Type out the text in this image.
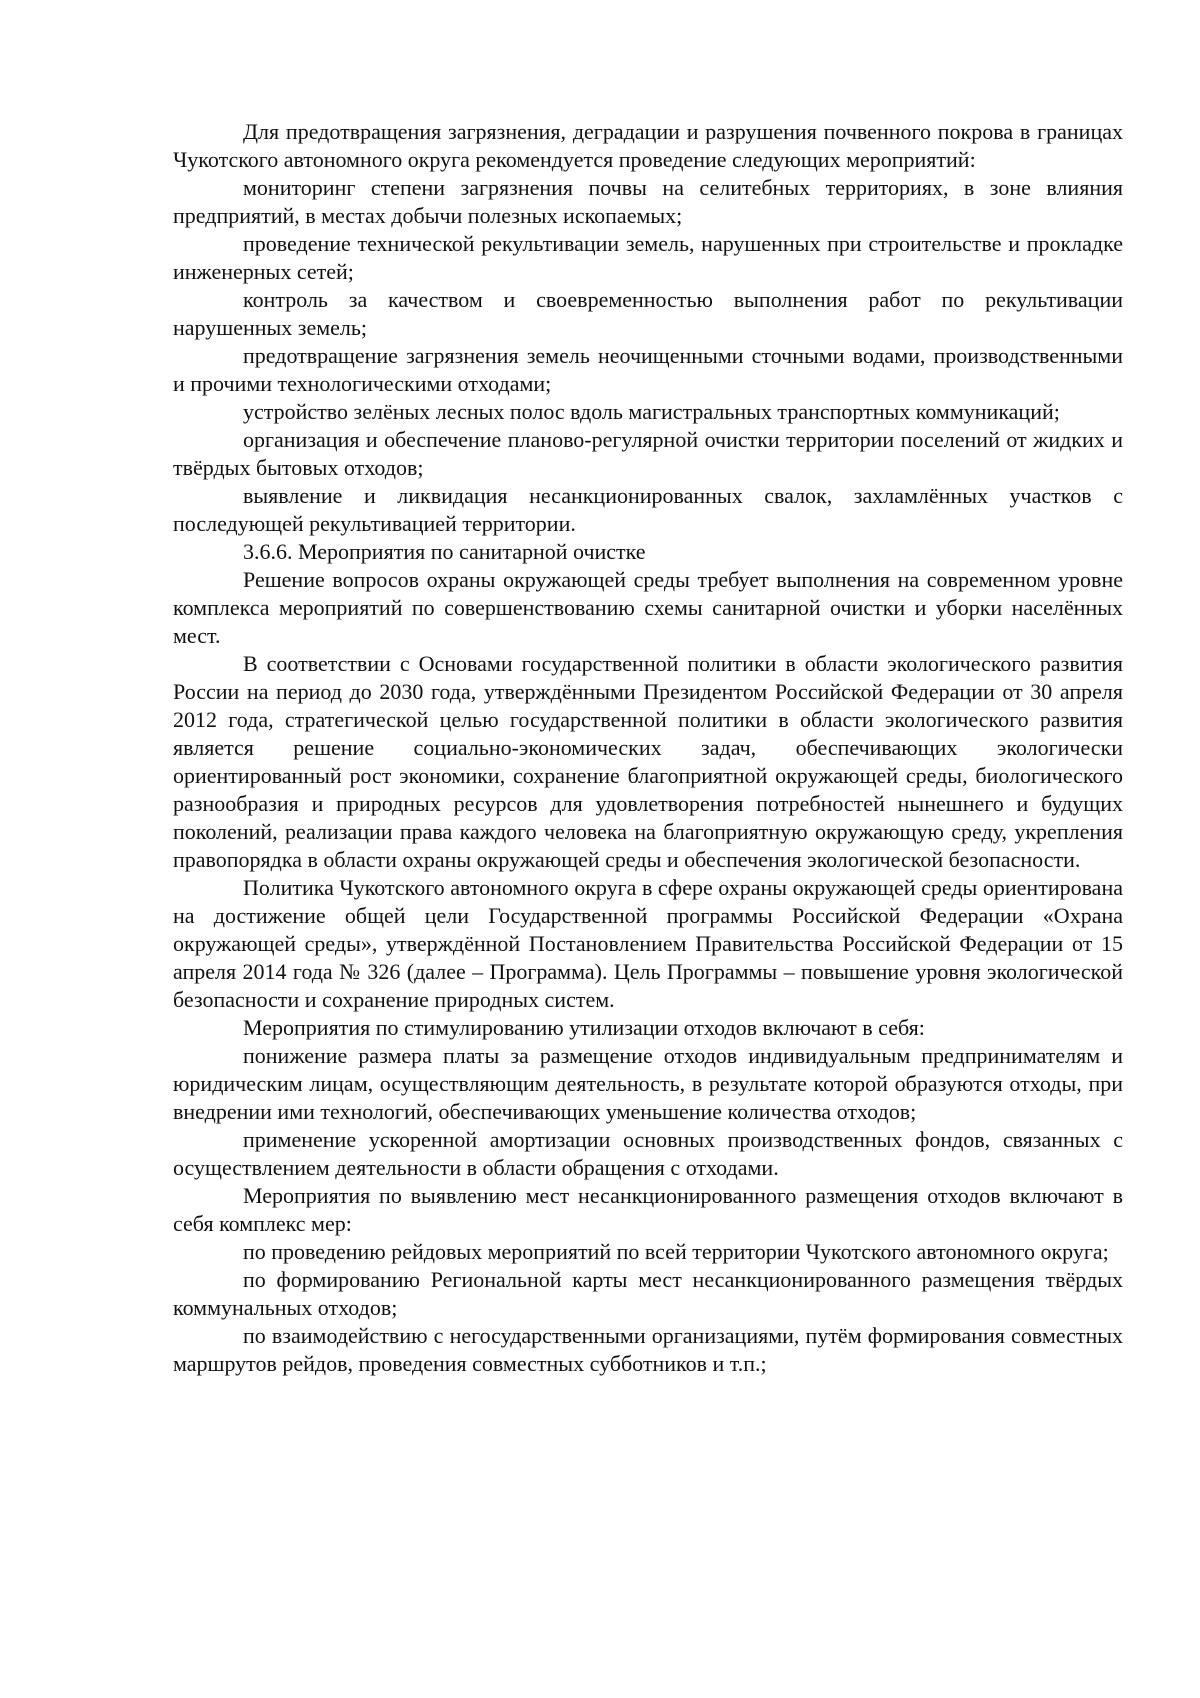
Для предотвращения загрязнения, деградации и разрушения почвенного покрова в границах Чукотского автономного округа рекомендуется проведение следующих мероприятий:

мониторинг степени загрязнения почвы на селитебных территориях, в зоне влияния предприятий, в местах добычи полезных ископаемых;

проведение технической рекультивации земель, нарушенных при строительстве и прокладке инженерных сетей;

контроль за качеством и своевременностью выполнения работ по рекультивации нарушенных земель;

предотвращение загрязнения земель неочищенными сточными водами, производственными и прочими технологическими отходами;

устройство зелёных лесных полос вдоль магистральных транспортных коммуникаций;

организация и обеспечение планово-регулярной очистки территории поселений от жидких и твёрдых бытовых отходов;

выявление и ликвидация несанкционированных свалок, захламлённых участков с последующей рекультивацией территории.

3.6.6. Мероприятия по санитарной очистке

Решение вопросов охраны окружающей среды требует выполнения на современном уровне комплекса мероприятий по совершенствованию схемы санитарной очистки и уборки населённых мест.

В соответствии с Основами государственной политики в области экологического развития России на период до 2030 года, утверждёнными Президентом Российской Федерации от 30 апреля 2012 года, стратегической целью государственной политики в области экологического развития является решение социально-экономических задач, обеспечивающих экологически ориентированный рост экономики, сохранение благоприятной окружающей среды, биологического разнообразия и природных ресурсов для удовлетворения потребностей нынешнего и будущих поколений, реализации права каждого человека на благоприятную окружающую среду, укрепления правопорядка в области охраны окружающей среды и обеспечения экологической безопасности.

Политика Чукотского автономного округа в сфере охраны окружающей среды ориентирована на достижение общей цели Государственной программы Российской Федерации «Охрана окружающей среды», утверждённой Постановлением Правительства Российской Федерации от 15 апреля 2014 года № 326 (далее – Программа). Цель Программы – повышение уровня экологической безопасности и сохранение природных систем.

Мероприятия по стимулированию утилизации отходов включают в себя:

понижение размера платы за размещение отходов индивидуальным предпринимателям и юридическим лицам, осуществляющим деятельность, в результате которой образуются отходы, при внедрении ими технологий, обеспечивающих уменьшение количества отходов;

применение ускоренной амортизации основных производственных фондов, связанных с осуществлением деятельности в области обращения с отходами.

Мероприятия по выявлению мест несанкционированного размещения отходов включают в себя комплекс мер:

по проведению рейдовых мероприятий по всей территории Чукотского автономного округа;

по формированию Региональной карты мест несанкционированного размещения твёрдых коммунальных отходов;

по взаимодействию с негосударственными организациями, путём формирования совместных маршрутов рейдов, проведения совместных субботников и т.п.;
